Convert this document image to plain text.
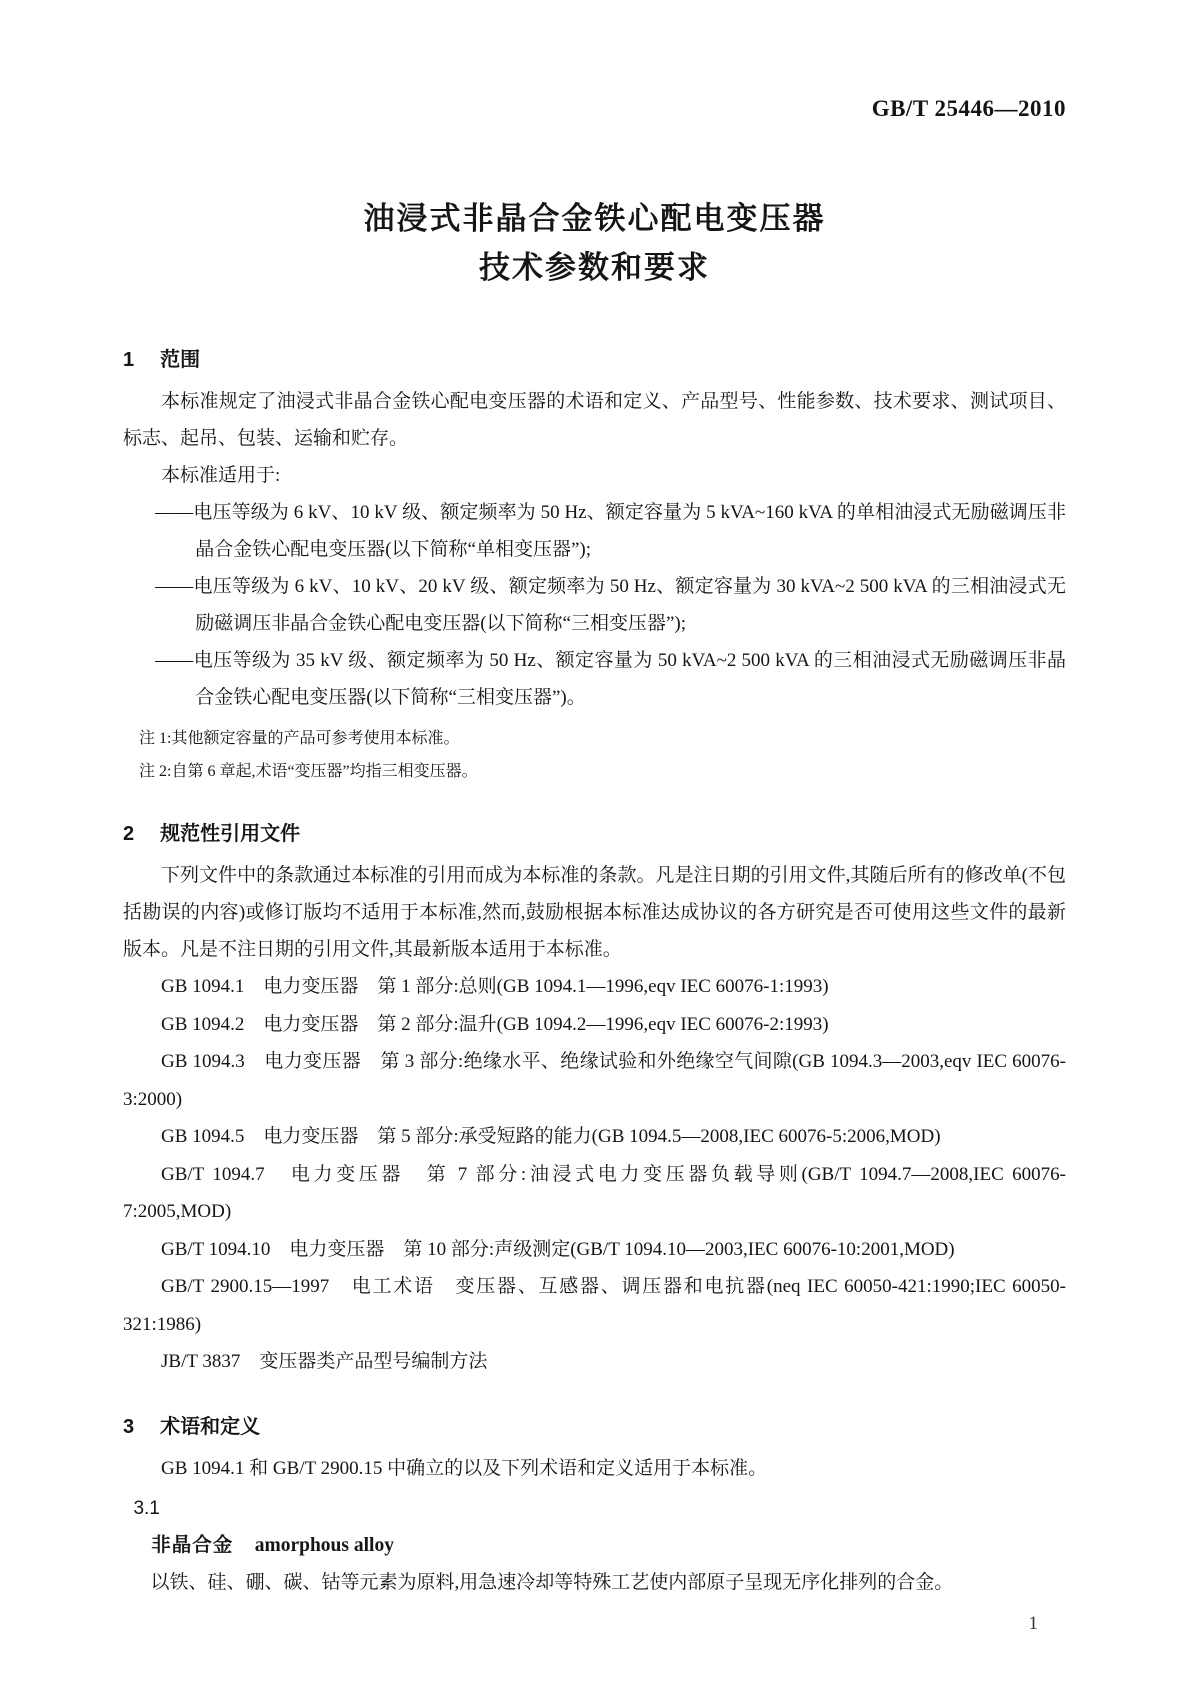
GB/T 25446—2010
油浸式非晶合金铁心配电变压器
技术参数和要求
1 范围

本标准规定了油浸式非晶合金铁心配电变压器的术语和定义、产品型号、性能参数、技术要求、测试项目、标志、起吊、包装、运输和贮存。

本标准适用于:

——电压等级为 6 kV、10 kV 级、额定频率为 50 Hz、额定容量为 5 kVA~160 kVA 的单相油浸式无励磁调压非晶合金铁心配电变压器(以下简称“单相变压器”);

——电压等级为 6 kV、10 kV、20 kV 级、额定频率为 50 Hz、额定容量为 30 kVA~2 500 kVA 的三相油浸式无励磁调压非晶合金铁心配电变压器(以下简称“三相变压器”);

——电压等级为 35 kV 级、额定频率为 50 Hz、额定容量为 50 kVA~2 500 kVA 的三相油浸式无励磁调压非晶合金铁心配电变压器(以下简称“三相变压器”)。

注 1:其他额定容量的产品可参考使用本标准。

注 2:自第 6 章起,术语“变压器”均指三相变压器。

2 规范性引用文件

下列文件中的条款通过本标准的引用而成为本标准的条款。凡是注日期的引用文件,其随后所有的修改单(不包括勘误的内容)或修订版均不适用于本标准,然而,鼓励根据本标准达成协议的各方研究是否可使用这些文件的最新版本。凡是不注日期的引用文件,其最新版本适用于本标准。

GB 1094.1　电力变压器　第 1 部分:总则(GB 1094.1—1996,eqv IEC 60076-1:1993)

GB 1094.2　电力变压器　第 2 部分:温升(GB 1094.2—1996,eqv IEC 60076-2:1993)

GB 1094.3　电力变压器　第 3 部分:绝缘水平、绝缘试验和外绝缘空气间隙(GB 1094.3—2003,eqv IEC 60076-3:2000)

GB 1094.5　电力变压器　第 5 部分:承受短路的能力(GB 1094.5—2008,IEC 60076-5:2006,MOD)

GB/T 1094.7　电力变压器　第 7 部分:油浸式电力变压器负载导则(GB/T 1094.7—2008,IEC 60076-7:2005,MOD)

GB/T 1094.10　电力变压器　第 10 部分:声级测定(GB/T 1094.10—2003,IEC 60076-10:2001,MOD)

GB/T 2900.15—1997　电工术语　变压器、互感器、调压器和电抗器(neq IEC 60050-421:1990;IEC 60050-321:1986)

JB/T 3837　变压器类产品型号编制方法

3 术语和定义

GB 1094.1 和 GB/T 2900.15 中确立的以及下列术语和定义适用于本标准。

3.1
非晶合金 amorphous alloy

以铁、硅、硼、碳、钴等元素为原料,用急速冷却等特殊工艺使内部原子呈现无序化排列的合金。

1
